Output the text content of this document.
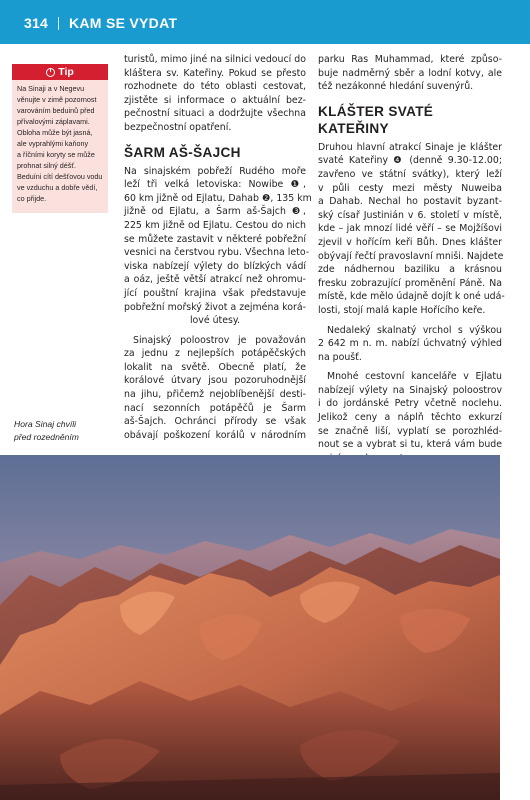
314 KAM SE VYDAT
Tip
Na Sinaji a v Negevu
věnujte v zimě pozornost
varováním beduinů před
přívalovými záplavami.
Obloha může být jasná,
ale vyprahlými kaňony
a říčními koryty se může
prohnat silný déšť.
Beduíni cítí dešťovou vodu
ve vzduchu a dobře vědí,
co přijde.
Hora Sinaj chvíli
před rozedněním
turistů, mimo jiné na silnici vedoucí do
kláštera sv. Kateřiny. Pokud se přesto
rozhodnete do této oblasti cestovat,
zjistěte si informace o aktuální bez-
pečnostní situaci a dodržujte všechna
bezpečnostní opatření.
ŠARM AŠ-ŠAJCH
Na sinajském pobřeží Rudého moře
leží tři velká letoviska: Nowibe ❶,
60 km jižně od Ejlatu, Dahab ❷, 135 km
jižně od Ejlatu, a Šarm aš-Šajch ❸,
225 km jižně od Ejlatu. Cestou do nich
se můžete zastavit v některé pobřežní
vesnici na čerstvou rybu. Všechna leto-
viska nabízejí výlety do blízkých vádí
a oáz, ještě větší atrakcí než ohromu-
jící pouštní krajina však představuje
pobřežní mořský život a zejména korá-
lové útesy.
Sinajský poloostrov je považován
za jednu z nejlepších potápěčských
lokalit na světě. Obecně platí, že
korálové útvary jsou pozoruhodnější
na jihu, přičemž nejoblíbenější desti-
nací sezonních potápěčů je Šarm
aš-Šajch. Ochránci přírody se však
obávají poškození korálů v národním
parku Ras Muhammad, které způso-
buje nadměrný sběr a lodní kotvy, ale
též nezákonné hledání suvenýrů.
KLÁŠTER SVATÉ KATEŘINY
Druhou hlavní atrakcí Sinaje je klášter
svaté Kateřiny ❹ (denně 9.30-12.00;
zavřeno ve státní svátky), který leží
v půli cesty mezi městy Nuweiba
a Dahab. Nechal ho postavit byzant-
ský císař Justinián v 6. století v místě,
kde – jak mnozí lidé věří – se Mojžíšovi
zjevil v hořícím keři Bůh. Dnes klášter
obývají řečtí pravoslavní mniši. Najdete
zde nádhernou baziliku a krásnou
fresku zobrazující proměnění Páně. Na
místě, kde mělo údajně dojít k oné udá-
losti, stojí malá kaple Hořícího keře.
Nedaleký skalnatý vrchol s výškou
2 642 m n. m. nabízí úchvatný výhled
na poušť.
Mnohé cestovní kanceláře v Ejlatu
nabízejí výlety na Sinajský poloostrov
i do jordánské Petry včetně noclehu.
Jelikož ceny a náplň těchto exkurzí
se značně liší, vyplatí se porozhléd-
nout se a vybrat si tu, která vám bude
